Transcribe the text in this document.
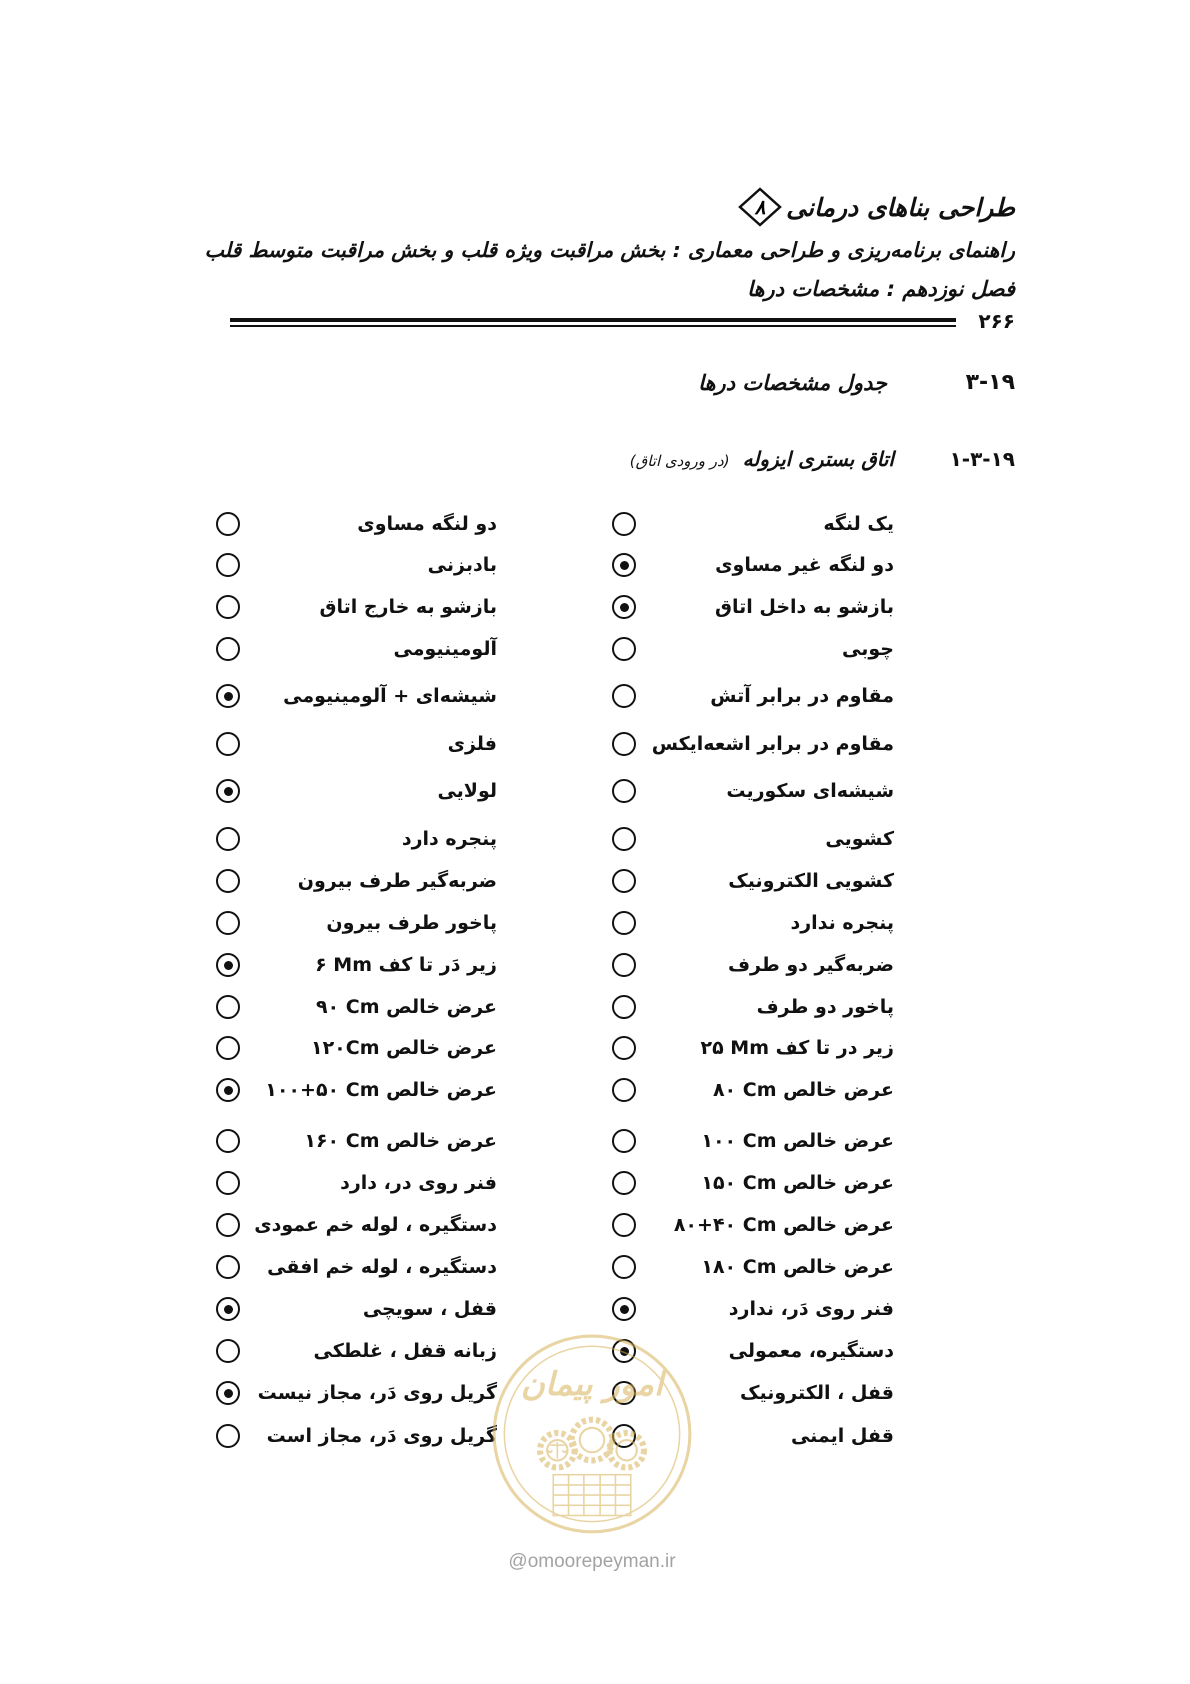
طراحی بناهای درمانی
۸
راهنمای برنامه‌ریزی و طراحی معماری : بخش مراقبت ویژه قلب و بخش مراقبت متوسط قلب
فصل نوزدهم : مشخصات درها
۲۶۶
۳-۱۹
جدول مشخصات درها
۱-۳-۱۹
اتاق بستری ایزوله (در ورودی اتاق)
یک لنگه
دو لنگه مساوی
دو لنگه غیر مساوی
بادبزنی
بازشو به داخل اتاق
بازشو به خارج اتاق
چوبی
آلومینیومی
مقاوم در برابر آتش
شیشه‌ای + آلومینیومی
مقاوم در برابر اشعه‌ایکس
فلزی
شیشه‌ای سکوریت
لولایی
کشویی
پنجره دارد
کشویی الکترونیک
ضربه‌گیر طرف بیرون
پنجره ندارد
پاخور طرف بیرون
ضربه‌گیر دو طرف
زیر دَر تا کف Mm‏ ۶
پاخور دو طرف
عرض خالص Cm‏ ۹۰
زیر در تا کف Mm‏ ۲۵
عرض خالص ۱۲۰Cm
عرض خالص Cm‏ ۸۰
عرض خالص Cm‏ ۱۰۰+۵۰
عرض خالص Cm‏ ۱۰۰
عرض خالص Cm‏ ۱۶۰
عرض خالص Cm‏ ۱۵۰
فنر روی در، دارد
عرض خالص Cm‏ ۸۰+۴۰
دستگیره ، لوله خم عمودی
عرض خالص Cm‏ ۱۸۰
دستگیره ، لوله خم افقی
فنر روی دَر، ندارد
قفل ، سویچی
دستگیره، معمولی
زبانه قفل ، غلطکی
قفل ، الکترونیک
گریل روی دَر، مجاز نیست
قفل ایمنی
گریل روی دَر، مجاز است
امور پیمان
@omoorepeyman.ir
